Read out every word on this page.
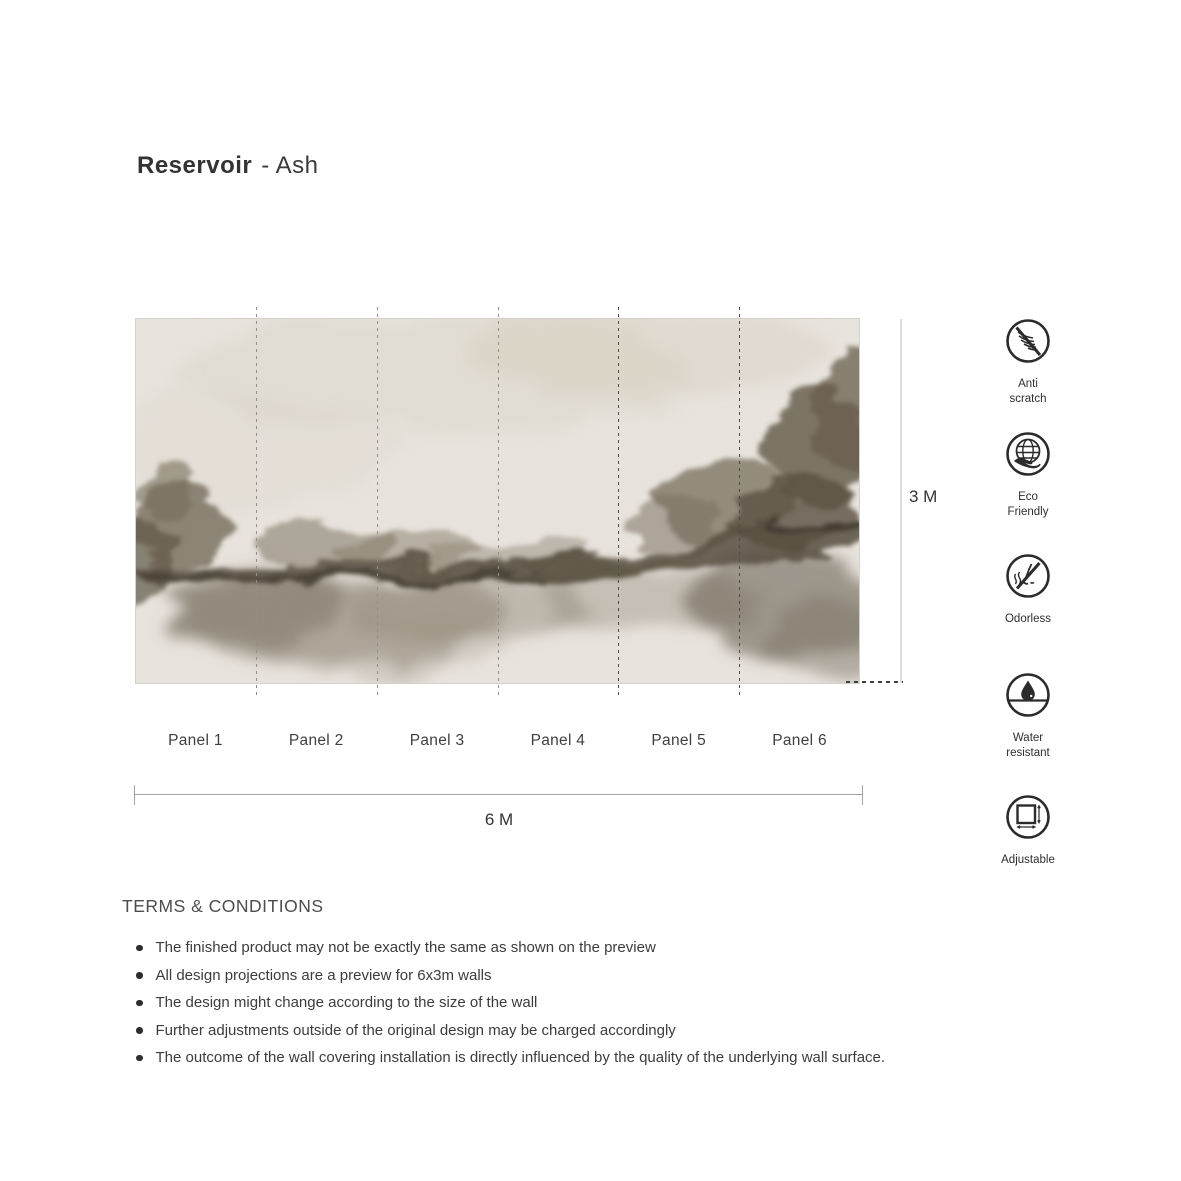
Reservoir - Ash
3 M
Panel 1	Panel 2	Panel 3	Panel 4	Panel 5	Panel 6
6 M
Anti
scratch
Eco
Friendly
Odorless
Water
resistant
Adjustable
TERMS & CONDITIONS
The finished product may not be exactly the same as shown on the preview
All design projections are a preview for 6x3m walls
The design might change according to the size of the wall
Further adjustments outside of the original design may be charged accordingly
The outcome of the wall covering installation is directly influenced by the quality of the underlying wall surface.
